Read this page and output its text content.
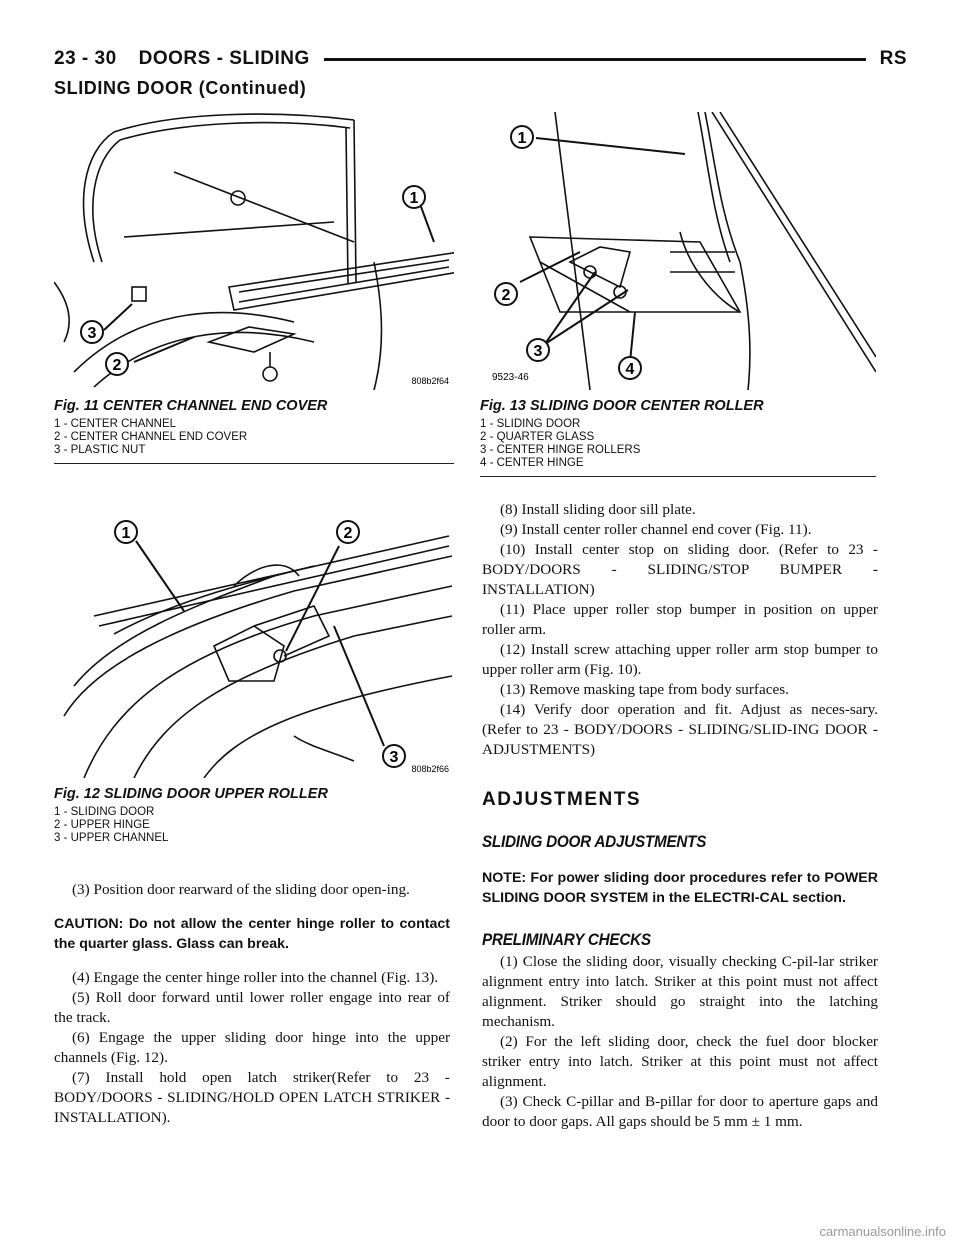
23 - 30 DOORS - SLIDING	RS
SLIDING DOOR (Continued)
1
3
2
808b2f64
Fig. 11 CENTER CHANNEL END COVER
1 - CENTER CHANNEL
2 - CENTER CHANNEL END COVER
3 - PLASTIC NUT
1
2
3
4
9523-46
Fig. 13 SLIDING DOOR CENTER ROLLER
1 - SLIDING DOOR
2 - QUARTER GLASS
3 - CENTER HINGE ROLLERS
4 - CENTER HINGE
1	2
3
808b2f66
Fig. 12 SLIDING DOOR UPPER ROLLER
1 - SLIDING DOOR
2 - UPPER HINGE
3 - UPPER CHANNEL

(3) Position door rearward of the sliding door open-ing.

CAUTION: Do not allow the center hinge roller to contact the quarter glass. Glass can break.

(4) Engage the center hinge roller into the channel (Fig. 13).

(5) Roll door forward until lower roller engage into rear of the track.

(6) Engage the upper sliding door hinge into the upper channels (Fig. 12).

(7) Install hold open latch striker(Refer to 23 - BODY/DOORS - SLIDING/HOLD OPEN LATCH STRIKER - INSTALLATION).

(8) Install sliding door sill plate.

(9) Install center roller channel end cover (Fig. 11).

(10) Install center stop on sliding door. (Refer to 23 - BODY/DOORS - SLIDING/STOP BUMPER - INSTALLATION)

(11) Place upper roller stop bumper in position on upper roller arm.

(12) Install screw attaching upper roller arm stop bumper to upper roller arm (Fig. 10).

(13) Remove masking tape from body surfaces.

(14) Verify door operation and fit. Adjust as neces-sary. (Refer to 23 - BODY/DOORS - SLIDING/SLID-ING DOOR - ADJUSTMENTS)

ADJUSTMENTS
SLIDING DOOR ADJUSTMENTS
NOTE: For power sliding door procedures refer to POWER SLIDING DOOR SYSTEM in the ELECTRI-CAL section.
PRELIMINARY CHECKS

(1) Close the sliding door, visually checking C-pil-lar striker alignment entry into latch. Striker at this point must not affect alignment. Striker should go straight into the latching mechanism.

(2) For the left sliding door, check the fuel door blocker striker entry into latch. Striker at this point must not affect alignment.

(3) Check C-pillar and B-pillar for door to aperture gaps and door to door gaps. All gaps should be 5 mm ± 1 mm.

carmanualsonline.info
